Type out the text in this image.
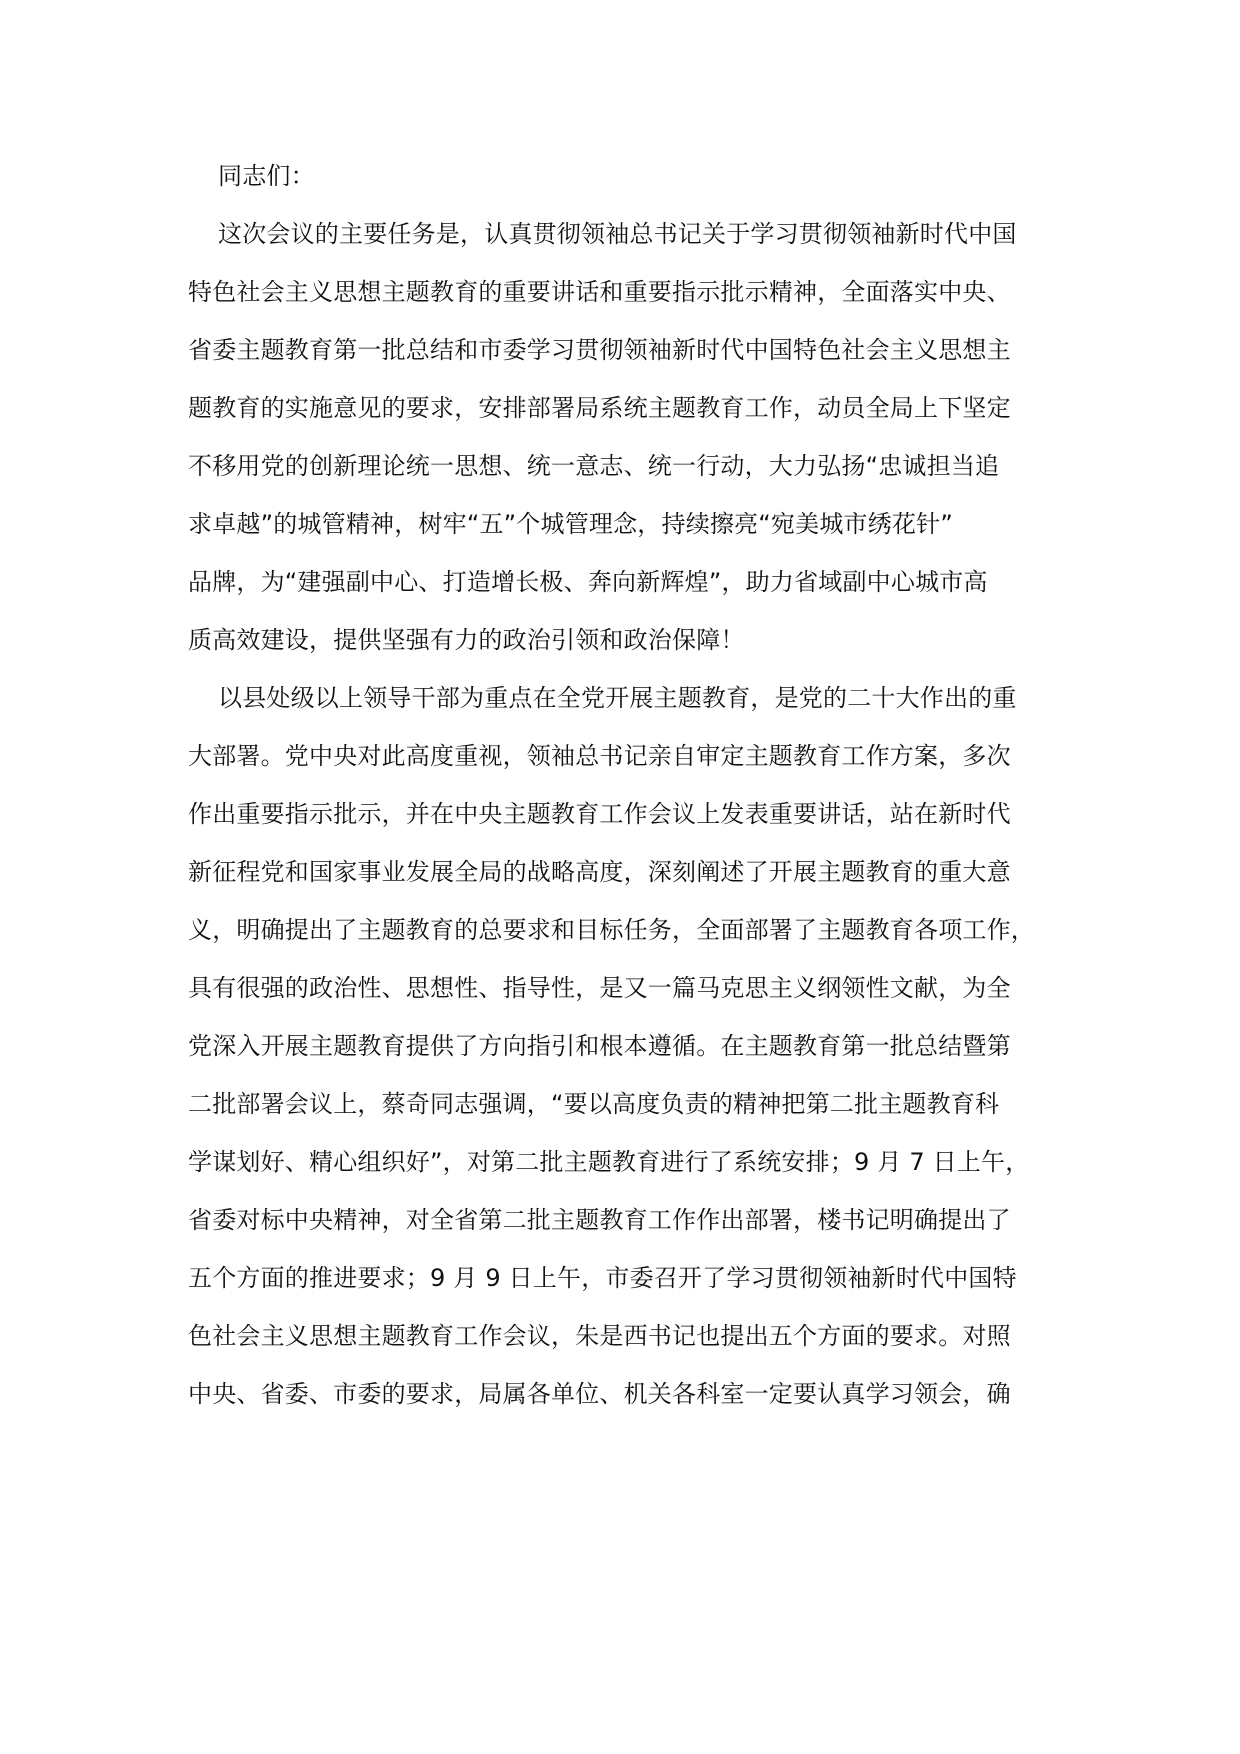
同志们：
这次会议的主要任务是，认真贯彻领袖总书记关于学习贯彻领袖新时代中国
特色社会主义思想主题教育的重要讲话和重要指示批示精神，全面落实中央、
省委主题教育第一批总结和市委学习贯彻领袖新时代中国特色社会主义思想主
题教育的实施意见的要求，安排部署局系统主题教育工作，动员全局上下坚定
不移用党的创新理论统一思想、统一意志、统一行动，大力弘扬“忠诚担当追
求卓越”的城管精神，树牢“五”个城管理念，持续擦亮“宛美城市绣花针”
品牌，为“建强副中心、打造增长极、奔向新辉煌”，助力省域副中心城市高
质高效建设，提供坚强有力的政治引领和政治保障！
以县处级以上领导干部为重点在全党开展主题教育，是党的二十大作出的重
大部署。党中央对此高度重视，领袖总书记亲自审定主题教育工作方案，多次
作出重要指示批示，并在中央主题教育工作会议上发表重要讲话，站在新时代
新征程党和国家事业发展全局的战略高度，深刻阐述了开展主题教育的重大意
义，明确提出了主题教育的总要求和目标任务，全面部署了主题教育各项工作，
具有很强的政治性、思想性、指导性，是又一篇马克思主义纲领性文献，为全
党深入开展主题教育提供了方向指引和根本遵循。在主题教育第一批总结暨第
二批部署会议上，蔡奇同志强调，“要以高度负责的精神把第二批主题教育科
学谋划好、精心组织好”，对第二批主题教育进行了系统安排；9 月 7 日上午，
省委对标中央精神，对全省第二批主题教育工作作出部署，楼书记明确提出了
五个方面的推进要求；9 月 9 日上午，市委召开了学习贯彻领袖新时代中国特
色社会主义思想主题教育工作会议，朱是西书记也提出五个方面的要求。对照
中央、省委、市委的要求，局属各单位、机关各科室一定要认真学习领会，确
